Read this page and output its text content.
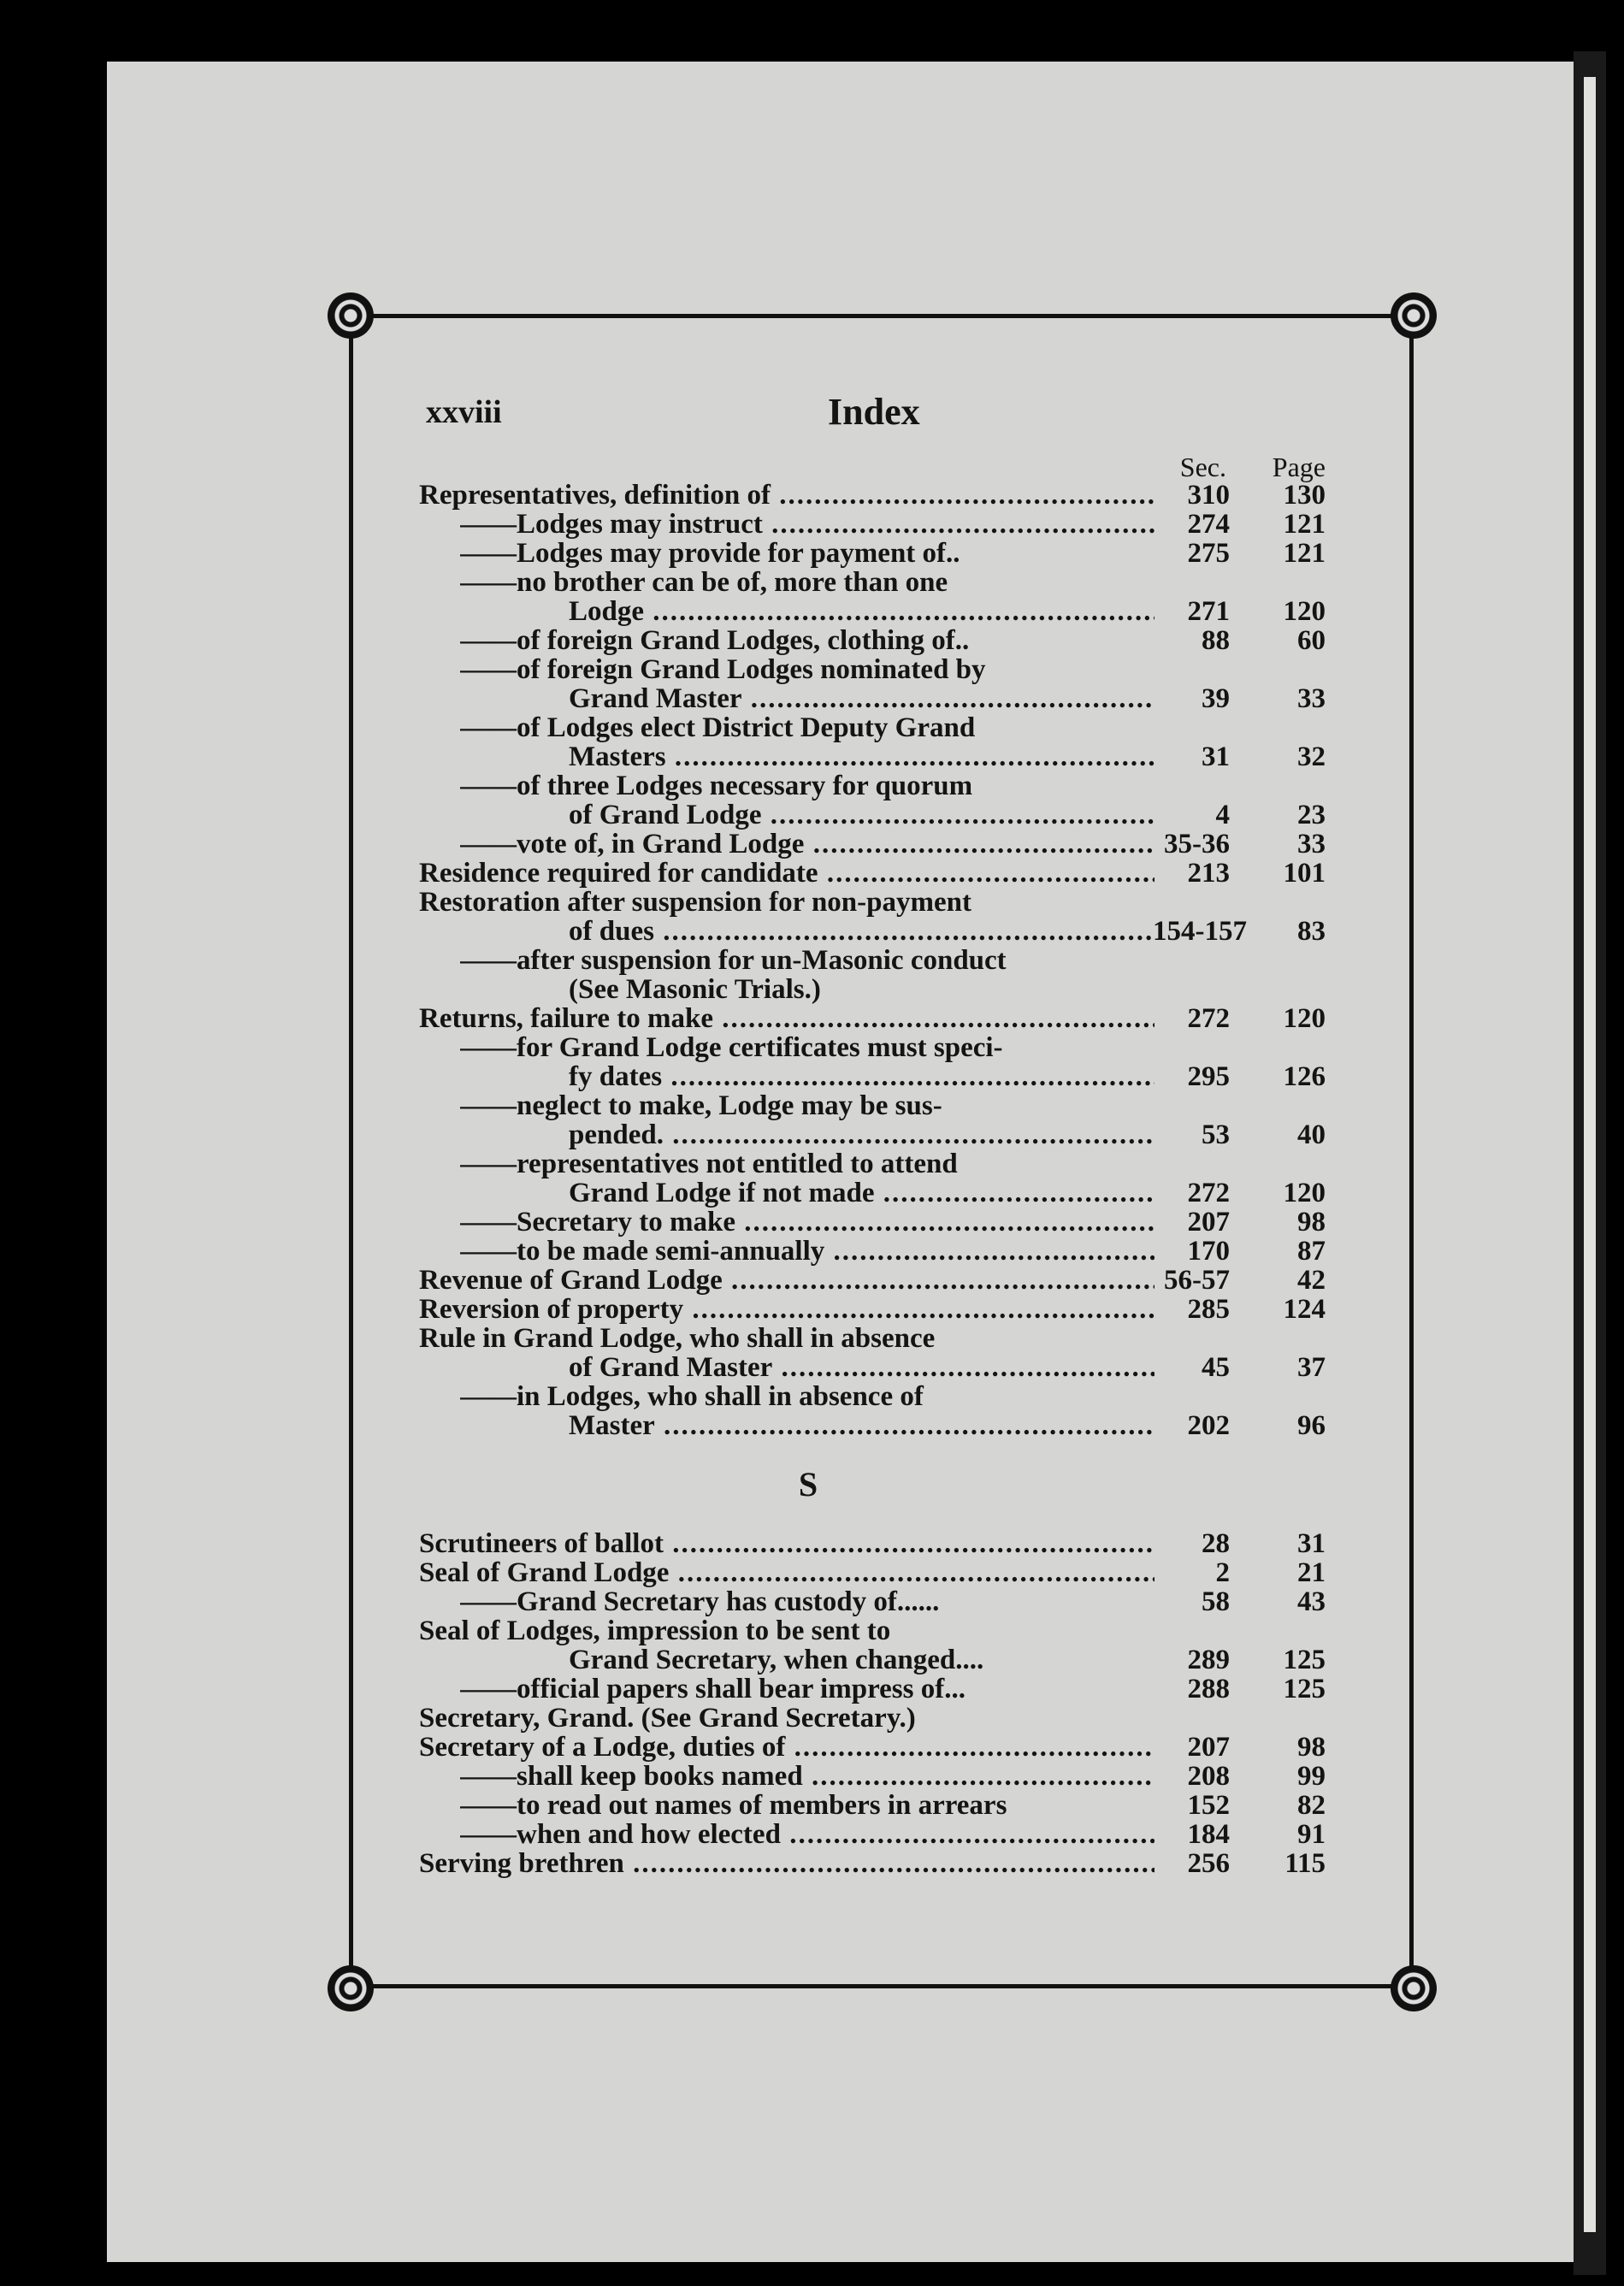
xxviii	Index
Sec. Page
Representatives, definition of .....	310	130
——Lodges may instruct .....	274	121
——Lodges may provide for payment of..	275	121
——no brother can be of, more than one
Lodge .....	271	120
——of foreign Grand Lodges, clothing of..	88	60
——of foreign Grand Lodges nominated by
Grand Master .....	39	33
——of Lodges elect District Deputy Grand
Masters .....	31	32
——of three Lodges necessary for quorum
of Grand Lodge .....	4	23
——vote of, in Grand Lodge .....	35-36	33
Residence required for candidate .....	213	101
Restoration after suspension for non-payment
of dues .....	154-157	83
——after suspension for un-Masonic conduct
(See Masonic Trials.)
Returns, failure to make .....	272	120
——for Grand Lodge certificates must speci-
fy dates .....	295	126
——neglect to make, Lodge may be sus-
pended. .....	53	40
——representatives not entitled to attend
Grand Lodge if not made .....	272	120
——Secretary to make .....	207	98
——to be made semi-annually .....	170	87
Revenue of Grand Lodge .....	56-57	42
Reversion of property .....	285	124
Rule in Grand Lodge, who shall in absence
of Grand Master .....	45	37
——in Lodges, who shall in absence of
Master .....	202	96
S
Scrutineers of ballot .....	28	31
Seal of Grand Lodge .....	2	21
——Grand Secretary has custody of......	58	43
Seal of Lodges, impression to be sent to
Grand Secretary, when changed....	289	125
——official papers shall bear impress of...	288	125
Secretary, Grand. (See Grand Secretary.)
Secretary of a Lodge, duties of .....	207	98
——shall keep books named .....	208	99
——to read out names of members in arrears	152	82
——when and how elected .....	184	91
Serving brethren .....	256	115
